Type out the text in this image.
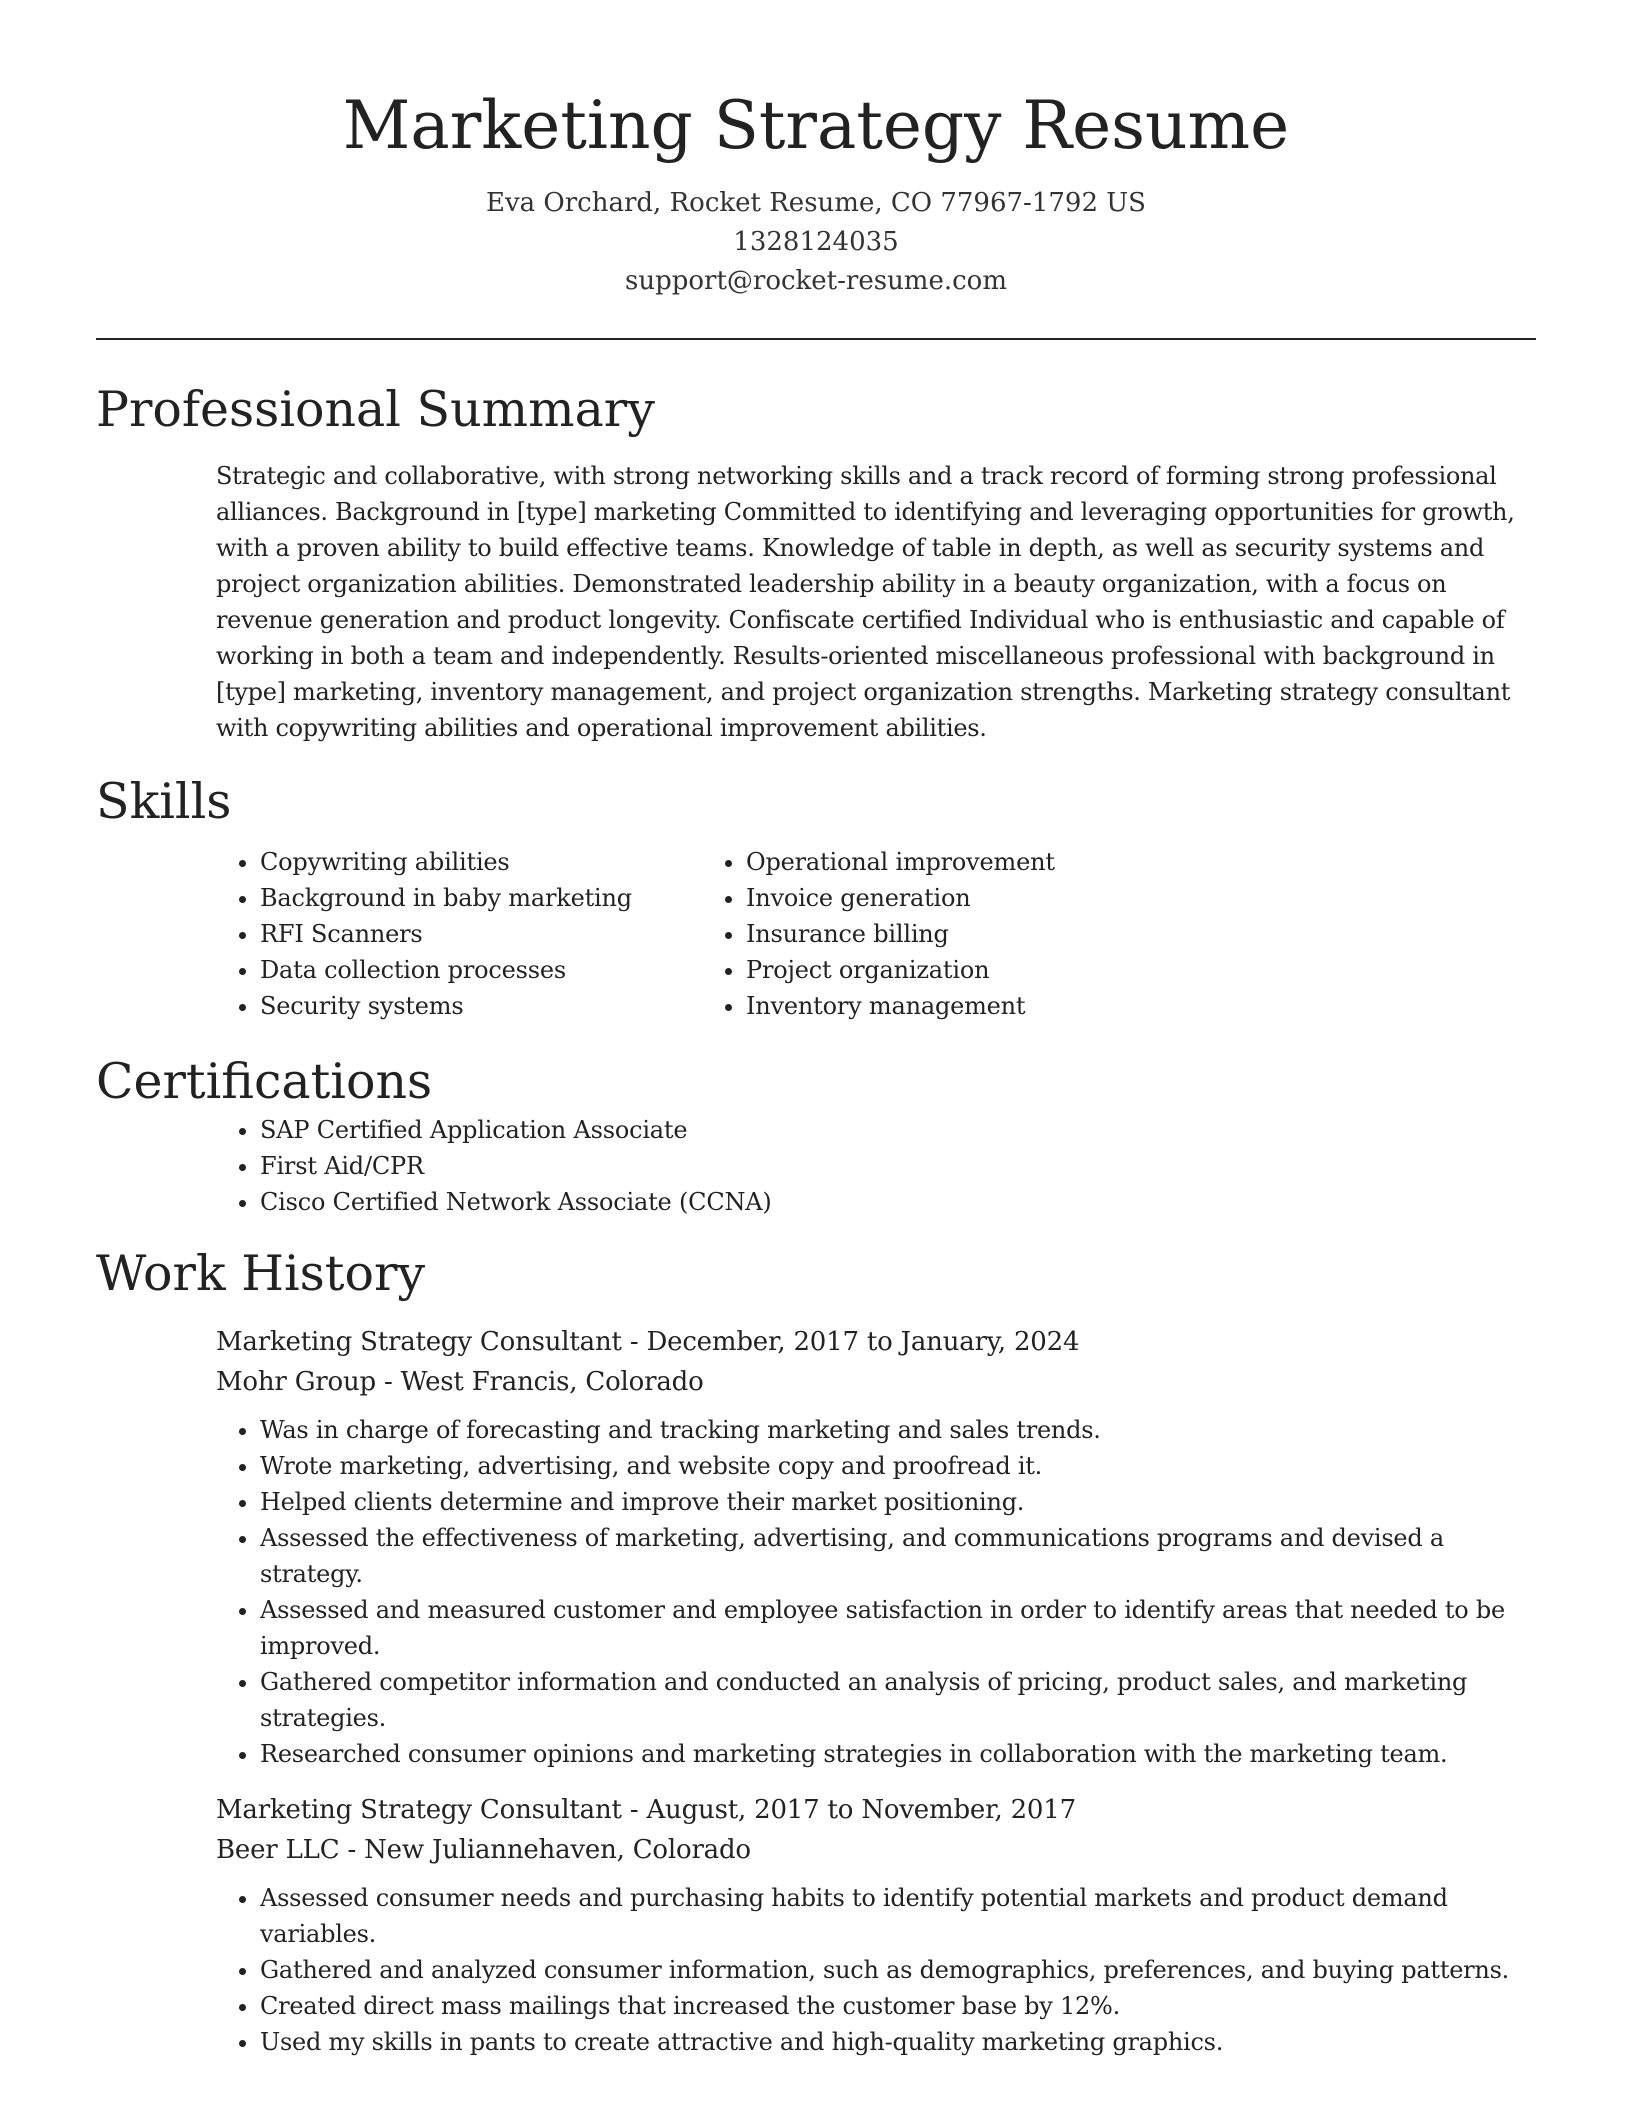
Marketing Strategy Resume
Eva Orchard, Rocket Resume, CO 77967-1792 US
1328124035
support@rocket-resume.com
Professional Summary

Strategic and collaborative, with strong networking skills and a track record of forming strong professional alliances. Background in [type] marketing Committed to identifying and leveraging opportunities for growth, with a proven ability to build effective teams. Knowledge of table in depth, as well as security systems and project organization abilities. Demonstrated leadership ability in a beauty organization, with a focus on revenue generation and product longevity. Confiscate certified Individual who is enthusiastic and capable of working in both a team and independently. Results-oriented miscellaneous professional with background in [type] marketing, inventory management, and project organization strengths. Marketing strategy consultant with copywriting abilities and operational improvement abilities.

Skills
• Copywriting abilities
• Background in baby marketing
• RFI Scanners
• Data collection processes
• Security systems
• Operational improvement
• Invoice generation
• Insurance billing
• Project organization
• Inventory management
Certifications
• SAP Certified Application Associate
• First Aid/CPR
• Cisco Certified Network Associate (CCNA)
Work History
Marketing Strategy Consultant - December, 2017 to January, 2024
Mohr Group - West Francis, Colorado
• Was in charge of forecasting and tracking marketing and sales trends.
• Wrote marketing, advertising, and website copy and proofread it.
• Helped clients determine and improve their market positioning.
• Assessed the effectiveness of marketing, advertising, and communications programs and devised a strategy.
• Assessed and measured customer and employee satisfaction in order to identify areas that needed to be improved.
• Gathered competitor information and conducted an analysis of pricing, product sales, and marketing strategies.
• Researched consumer opinions and marketing strategies in collaboration with the marketing team.
Marketing Strategy Consultant - August, 2017 to November, 2017
Beer LLC - New Juliannehaven, Colorado
• Assessed consumer needs and purchasing habits to identify potential markets and product demand variables.
• Gathered and analyzed consumer information, such as demographics, preferences, and buying patterns.
• Created direct mass mailings that increased the customer base by 12%.
• Used my skills in pants to create attractive and high-quality marketing graphics.
